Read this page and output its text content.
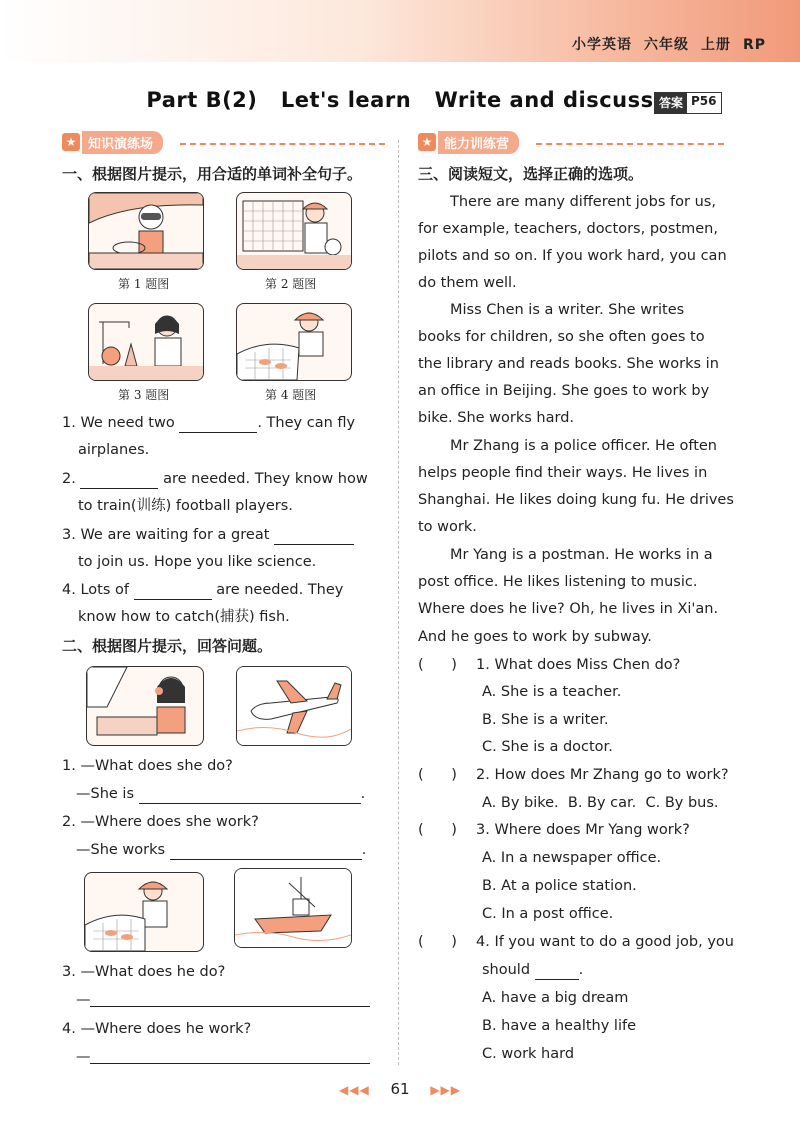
小学英语 六年级 上册 RP
Part B(2)   Let's learn   Write and discuss 答案 P56
★ 知识演练场	★ 能力训练营
一、根据图片提示，用合适的单词补全句子。
第 1 题图	第 2 题图
第 3 题图	第 4 题图
1. We need two	. They can fly
airplanes.
2.	are needed. They know how
to train(训练) football players.
3. We are waiting for a great
to join us. Hope you like science.
4. Lots of	are needed. They
know how to catch(捕获) fish.
二、根据图片提示，回答问题。
1. —What does she do?
—She is	.
2. —Where does she work?
—She works	.
3. —What does he do?
—
4. —Where does he work?
—
三、阅读短文，选择正确的选项。
There are many different jobs for us,
for example, teachers, doctors, postmen,
pilots and so on. If you work hard, you can
do them well.
Miss Chen is a writer. She writes
books for children, so she often goes to
the library and reads books. She works in
an office in Beijing. She goes to work by
bike. She works hard.
Mr Zhang is a police officer. He often
helps people find their ways. He lives in
Shanghai. He likes doing kung fu. He drives
to work.
Mr Yang is a postman. He works in a
post office. He likes listening to music.
Where does he live? Oh, he lives in Xi'an.
And he goes to work by subway.
(      ) 1. What does Miss Chen do?
A. She is a teacher.
B. She is a writer.
C. She is a doctor.
(      ) 2. How does Mr Zhang go to work?
A. By bike.  B. By car.  C. By bus.
(      ) 3. Where does Mr Yang work?
A. In a newspaper office.
B. At a police station.
C. In a post office.
(      ) 4. If you want to do a good job, you
should	.
A. have a big dream
B. have a healthy life
C. work hard
◀◀◀ 61 ▶▶▶
